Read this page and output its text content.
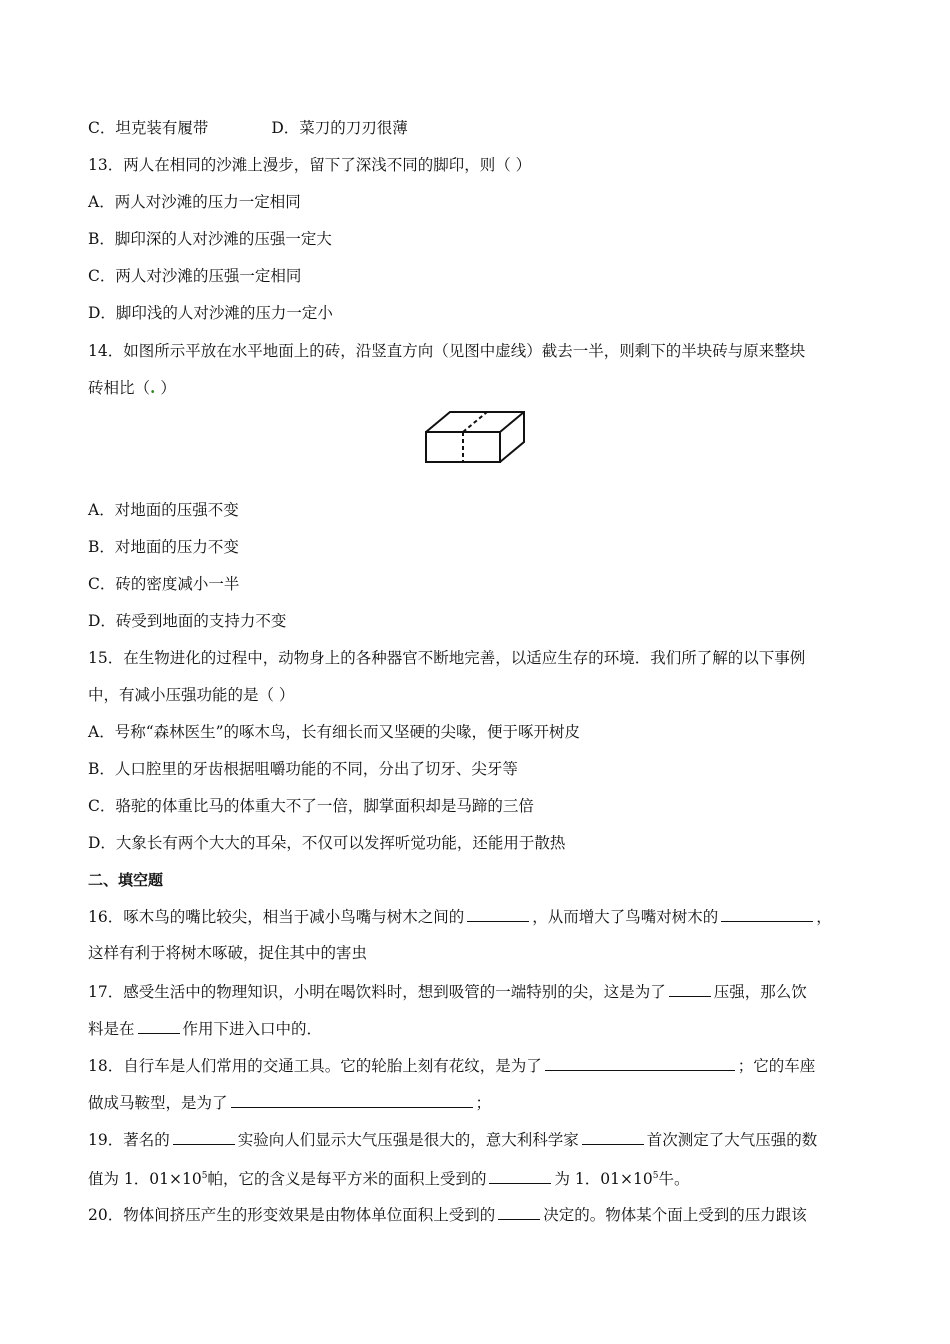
C．坦克装有履带	D．菜刀的刀刃很薄
13．两人在相同的沙滩上漫步，留下了深浅不同的脚印，则（ ）
A．两人对沙滩的压力一定相同
B．脚印深的人对沙滩的压强一定大
C．两人对沙滩的压强一定相同
D．脚印浅的人对沙滩的压力一定小
14．如图所示平放在水平地面上的砖，沿竖直方向（见图中虚线）截去一半，则剩下的半块砖与原来整块
砖相比（. ）
A．对地面的压强不变
B．对地面的压力不变
C．砖的密度减小一半
D．砖受到地面的支持力不变
15．在生物进化的过程中，动物身上的各种器官不断地完善，以适应生存的环境．我们所了解的以下事例
中，有减小压强功能的是（ ）
A．号称“森林医生”的啄木鸟，长有细长而又坚硬的尖喙，便于啄开树皮
B．人口腔里的牙齿根据咀嚼功能的不同，分出了切牙、尖牙等
C．骆驼的体重比马的体重大不了一倍，脚掌面积却是马蹄的三倍
D．大象长有两个大大的耳朵，不仅可以发挥听觉功能，还能用于散热
二、填空题
16．啄木鸟的嘴比较尖，相当于减小鸟嘴与树木之间的	，从而增大了鸟嘴对树木的	，
这样有利于将树木啄破，捉住其中的害虫
17．感受生活中的物理知识，小明在喝饮料时，想到吸管的一端特别的尖，这是为了	压强，那么饮
料是在	作用下进入口中的．
18．自行车是人们常用的交通工具。它的轮胎上刻有花纹，是为了	；它的车座
做成马鞍型，是为了	；
19．著名的	实验向人们显示大气压强是很大的，意大利科学家	首次测定了大气压强的数
值为 1．$01\times 10^5$帕，它的含义是每平方米的面积上受到的	为 1．$01\times 10^5$牛。
20．物体间挤压产生的形变效果是由物体单位面积上受到的	决定的。物体某个面上受到的压力跟该
